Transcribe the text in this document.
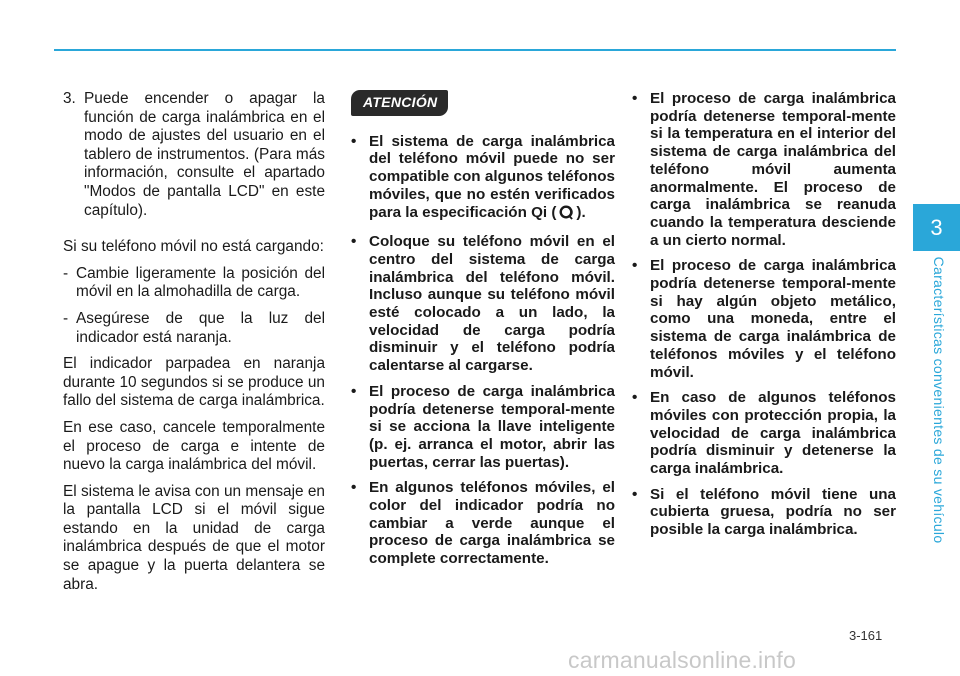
3. Puede encender o apagar la función de carga inalámbrica en el modo de ajustes del usuario en el tablero de instrumentos. (Para más información, consulte el apartado "Modos de pantalla LCD" en este capítulo).

Si su teléfono móvil no está cargando:

- Cambie ligeramente la posición del móvil en la almohadilla de carga.
- Asegúrese de que la luz del indicador está naranja.

El indicador parpadea en naranja durante 10 segundos si se produce un fallo del sistema de carga inalámbrica.

En ese caso, cancele temporalmente el proceso de carga e intente de nuevo la carga inalámbrica del móvil.

El sistema le avisa con un mensaje en la pantalla LCD si el móvil sigue estando en la unidad de carga inalámbrica después de que el motor se apague y la puerta delantera se abra.

ATENCIÓN
• El sistema de carga inalámbrica del teléfono móvil puede no ser compatible con algunos teléfonos móviles, que no estén verificados para la especificación Qi ( ).
• Coloque su teléfono móvil en el centro del sistema de carga inalámbrica del teléfono móvil. Incluso aunque su teléfono móvil esté colocado a un lado, la velocidad de carga podría disminuir y el teléfono podría calentarse al cargarse.
• El proceso de carga inalámbrica podría detenerse temporal-mente si se acciona la llave inteligente (p. ej. arranca el motor, abrir las puertas, cerrar las puertas).
• En algunos teléfonos móviles, el color del indicador podría no cambiar a verde aunque el proceso de carga inalámbrica se complete correctamente.
• El proceso de carga inalámbrica podría detenerse temporal-mente si la temperatura en el interior del sistema de carga inalámbrica del teléfono móvil aumenta anormalmente. El proceso de carga inalámbrica se reanuda cuando la temperatura desciende a un cierto normal.
• El proceso de carga inalámbrica podría detenerse temporal-mente si hay algún objeto metálico, como una moneda, entre el sistema de carga inalámbrica de teléfonos móviles y el teléfono móvil.
• En caso de algunos teléfonos móviles con protección propia, la velocidad de carga inalámbrica podría disminuir y detenerse la carga inalámbrica.
• Si el teléfono móvil tiene una cubierta gruesa, podría no ser posible la carga inalámbrica.
3
Características convenientes de su vehículo
3-161
carmanualsonline.info
